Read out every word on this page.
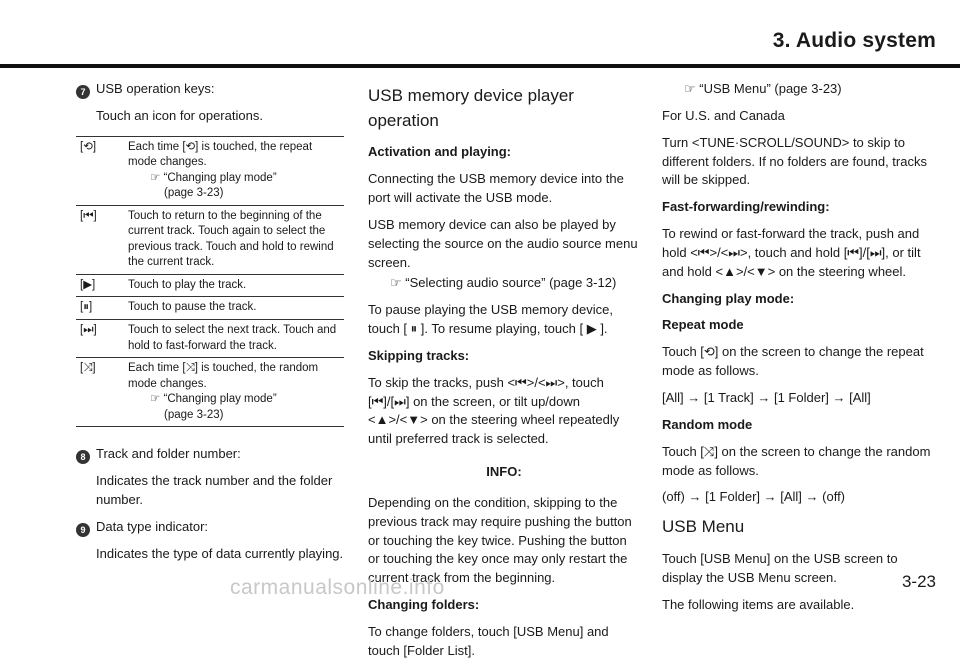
3. Audio system

7 USB operation keys:

Touch an icon for operations.

[⟲]	Each time [⟲] is touched, the repeat mode changes.
☞ “Changing play mode”
(page 3-23)

[⏮]	Touch to return to the beginning of the current track. Touch again to select the previous track. Touch and hold to rewind the current track.
[▶]	Touch to play the track.
[⏸]	Touch to pause the track.
[⏭]	Touch to select the next track. Touch and hold to fast-forward the track.
[⤨]	Each time [⤨] is touched, the random mode changes.
☞ “Changing play mode”
(page 3-23)

8 Track and folder number:

Indicates the track number and the folder number.

9 Data type indicator:

Indicates the type of data currently playing.

USB memory device player operation

Activation and playing:

Connecting the USB memory device into the port will activate the USB mode.

USB memory device can also be played by selecting the source on the audio source menu screen.

☞ “Selecting audio source” (page 3-12)

To pause playing the USB memory device, touch [ ⏸ ]. To resume playing, touch [ ▶ ].

Skipping tracks:

To skip the tracks, push <⏮>/<⏭>, touch [⏮]/[⏭] on the screen, or tilt up/down <▲>/<▼> on the steering wheel repeatedly until preferred track is selected.

INFO:

Depending on the condition, skipping to the previous track may require pushing the button or touching the key twice. Pushing the button or touching the key once may only restart the current track from the beginning.

Changing folders:

To change folders, touch [USB Menu] and touch [Folder List].

☞ “USB Menu” (page 3-23)

For U.S. and Canada

Turn <TUNE·SCROLL/SOUND> to skip to different folders. If no folders are found, tracks will be skipped.

Fast-forwarding/rewinding:

To rewind or fast-forward the track, push and hold <⏮>/<⏭>, touch and hold [⏮]/[⏭], or tilt and hold <▲>/<▼> on the steering wheel.

Changing play mode:

Repeat mode

Touch [⟲] on the screen to change the repeat mode as follows.

[All] → [1 Track] → [1 Folder] → [All]

Random mode

Touch [⤨] on the screen to change the random mode as follows.

(off) → [1 Folder] → [All] → (off)

USB Menu

Touch [USB Menu] on the USB screen to display the USB Menu screen.

The following items are available.

3-23
carmanualsonline.info
